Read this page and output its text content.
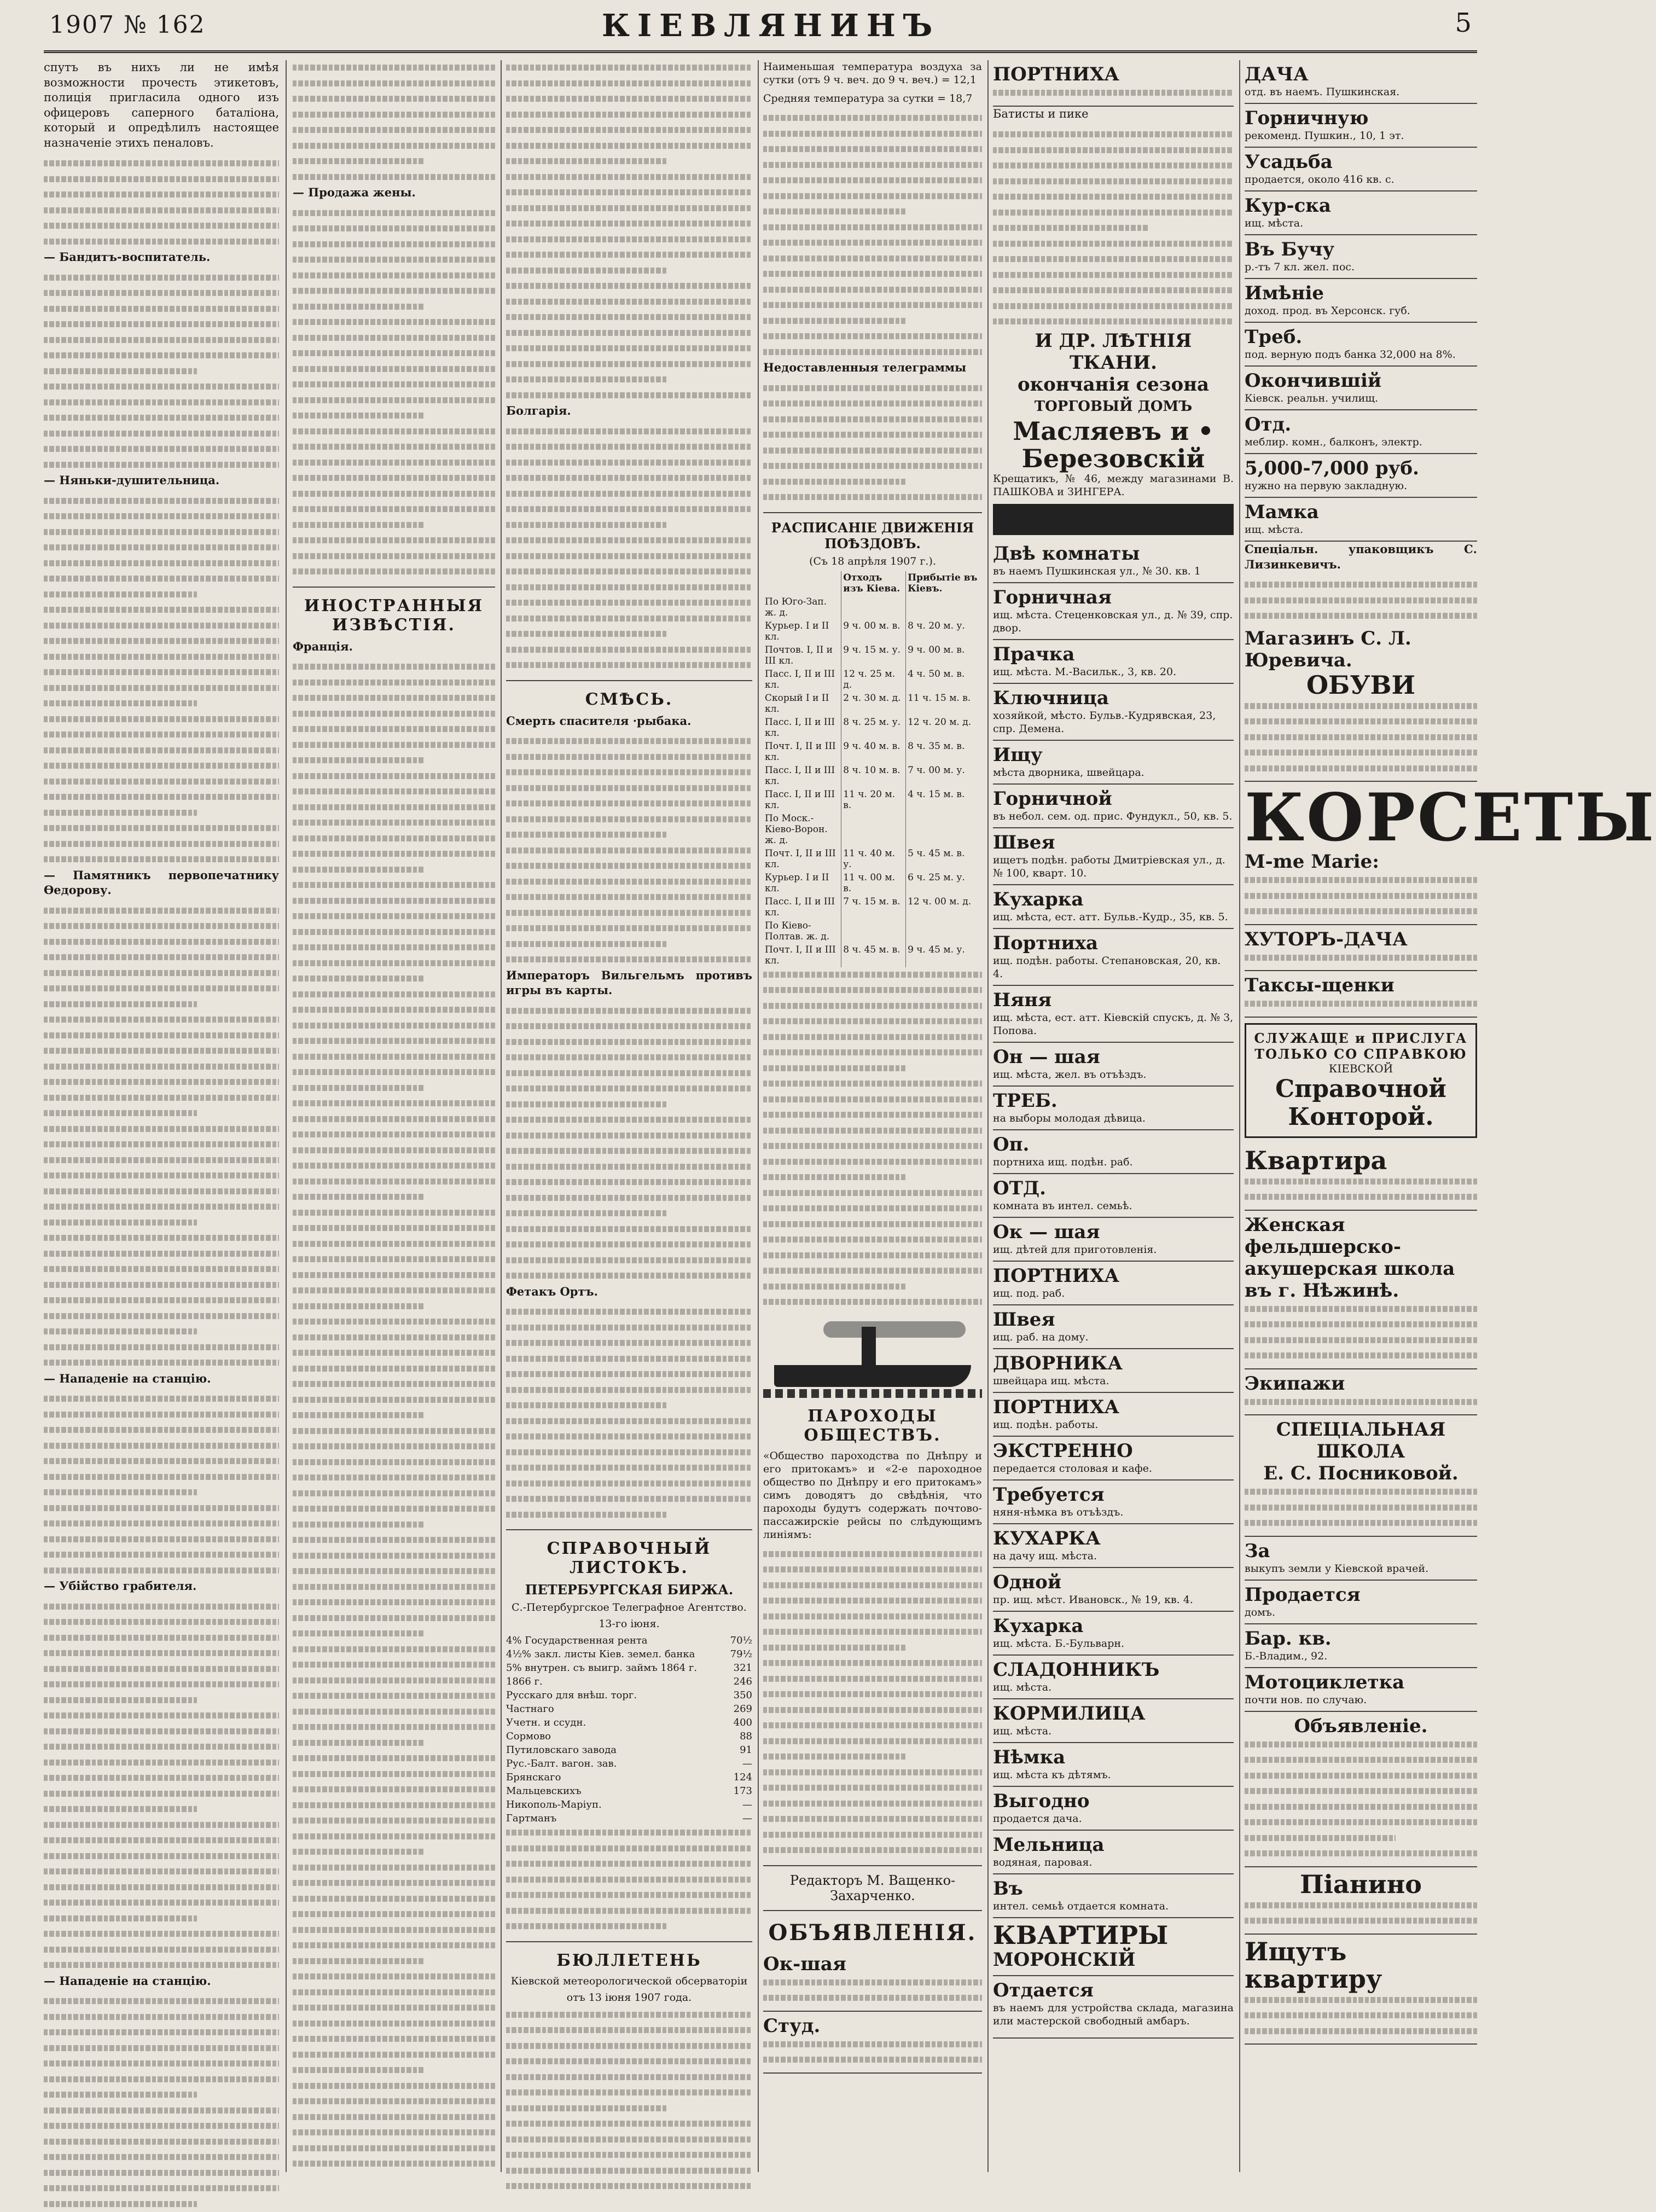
1907 № 162	КІЕВЛЯНИНЪ	5

спутъ въ нихъ ли не имѣя возможности прочесть этикетовъ, полиція пригласила одного изъ офицеровъ саперного баталіона, который и опредѣлилъ настоящее назначеніе этихъ пеналовъ.

— Бандитъ-воспитатель.

— Няньки-душительница.

— Памятникъ первопечатнику Ѳедорову.

— Нападеніе на станцію.

— Убійство грабителя.

— Нападеніе на станцію.

— Продажа жены.

ИНОСТРАННЫЯ ИЗВѢСТІЯ.

Франція.

Болгарія.

СМѢСЬ.

Смерть спасителя ·рыбака.

Императоръ Вильгельмъ противъ игры въ карты.

Фетакъ Ортъ.

СПРАВОЧНЫЙ ЛИСТОКЪ.
ПЕТЕРБУРГСКАЯ БИРЖА.
С.-Петербургское Телеграфное Агентство.
13-го іюня.
4% Государственная рента	70½
4½% закл. листы Кіев. земел. банка	79½
5% внутрен. съ выигр. займъ 1864 г.	321
1866 г.	246
Русскаго для внѣш. торг.	350
Частнаго	269
Учетн. и ссудн.	400
Сормово	88
Путиловскаго завода	91
Рус.-Балт. вагон. зав.	—
Брянскаго	124
Мальцевскихъ	173
Никополь-Маріуп.	—
Гартманъ	—
БЮЛЛЕТЕНЬ
Кіевской метеорологической обсерваторіи
отъ 13 іюня 1907 года.

Наименьшая температура воздуха за сутки (отъ 9 ч. веч. до 9 ч. веч.) = 12,1

Средняя температура за сутки = 18,7

Недоставленныя телеграммы

РАСПИСАНІЕ ДВИЖЕНІЯ ПОѢЗДОВЪ.
(Съ 18 апрѣля 1907 г.).
	Отходъ изъ Кіева.	Прибытіе въ Кіевъ.
По Юго-Зап. ж. д.		
Курьер. I и II кл.	9 ч. 00 м. в.	8 ч. 20 м. у.
Почтов. I, II и III кл.	9 ч. 15 м. у.	9 ч. 00 м. в.
Пасс. I, II и III кл.	12 ч. 25 м. д.	4 ч. 50 м. в.
Скорый I и II кл.	2 ч. 30 м. д.	11 ч. 15 м. в.
Пасс. I, II и III кл.	8 ч. 25 м. у.	12 ч. 20 м. д.
Почт. I, II и III кл.	9 ч. 40 м. в.	8 ч. 35 м. в.
Пасс. I, II и III кл.	8 ч. 10 м. в.	7 ч. 00 м. у.
Пасс. I, II и III кл.	11 ч. 20 м. в.	4 ч. 15 м. в.
По Моск.-Кіево-Ворон. ж. д.		
Почт. I, II и III кл.	11 ч. 40 м. у.	5 ч. 45 м. в.
Курьер. I и II кл.	11 ч. 00 м. в.	6 ч. 25 м. у.
Пасс. I, II и III кл.	7 ч. 15 м. в.	12 ч. 00 м. д.
По Кіево-Полтав. ж. д.		
Почт. I, II и III кл.	8 ч. 45 м. в.	9 ч. 45 м. у.
ПАРОХОДЫ ОБЩЕСТВЪ.

«Общество пароходства по Днѣпру и его притокамъ» и «2-е пароходное общество по Днѣпру и его притокамъ» симъ доводятъ до свѣдѣнія, что пароходы будутъ содержать почтово-пассажирскіе рейсы по слѣдующимъ линіямъ:

Редакторъ М. Ващенко-Захарченко.
ОБЪЯВЛЕНІЯ.
Ок-шая
Студ.
ПОРТНИХА

Батисты и пике

И ДР. ЛѢТНІЯ ТКАНИ.
окончанія сезона
ТОРГОВЫЙ ДОМЪ
Масляевъ и •
Березовскій

Крещатикъ, № 46, между магазинами В. ПАШКОВА и ЗИНГЕРА.

Двѣ комнаты
въ наемъ Пушкинская ул., № 30. кв. 1
Горничная
ищ. мѣста. Стеценковская ул., д. № 39, спр. двор.
Прачка
ищ. мѣста. М.-Васильк., 3, кв. 20.
Ключница
хозяйкой, мѣсто. Бульв.-Кудрявская, 23, спр. Демена.
Ищу
мѣста дворника, швейцара.
Горничной
въ небол. сем. од. прис. Фундукл., 50, кв. 5.
Швея
ищетъ подѣн. работы Дмитріевская ул., д. № 100, кварт. 10.
Кухарка
ищ. мѣста, ест. атт. Бульв.-Кудр., 35, кв. 5.
Портниха
ищ. подѣн. работы. Степановская, 20, кв. 4.
Няня
ищ. мѣста, ест. атт. Кіевскій спускъ, д. № 3, Попова.
Он — шая
ищ. мѣста, жел. въ отъѣздъ.
ТРЕБ.
на выборы молодая дѣвица.
Оп.
портниха ищ. подѣн. раб.
ОТД.
комната въ интел. семьѣ.
Ок — шая
ищ. дѣтей для приготовленія.
ПОРТНИХА
ищ. под. раб.
Швея
ищ. раб. на дому.
ДВОРНИКА
швейцара ищ. мѣста.
ПОРТНИХА
ищ. подѣн. работы.
ЭКСТРЕННО
передается столовая и кафе.
Требуется
няня-нѣмка въ отъѣздъ.
КУХАРКА
на дачу ищ. мѣста.
Одной
пр. ищ. мѣст. Ивановск., № 19, кв. 4.
Кухарка
ищ. мѣста. Б.-Бульварн.
СЛАДОННИКЪ
ищ. мѣста.
КОРМИЛИЦА
ищ. мѣста.
Нѣмка
ищ. мѣста къ дѣтямъ.
Выгодно
продается дача.
Мельница
водяная, паровая.
Въ
интел. семьѣ отдается комната.
КВАРТИРЫ
МОРОНСКІЙ
Отдается

въ наемъ для устройства склада, магазина или мастерской свободный амбаръ.

ДАЧА
отд. въ наемъ. Пушкинская.
Горничную
рекоменд. Пушкин., 10, 1 эт.
Усадьба
продается, около 416 кв. с.
Кур-ска
ищ. мѣста.
Въ Бучу
р.-тъ 7 кл. жел. пос.
Имѣніе
доход. прод. въ Херсонск. губ.
Треб.
под. верную подъ банка 32,000 на 8%.
Окончившій
Кіевск. реальн. училищ.
Отд.
меблир. комн., балконъ, электр.
5,000-7,000 руб.
нужно на первую закладную.
Мамка
ищ. мѣста.

Спеціальн. упаковщикъ С. Лизинкевичъ.

Магазинъ С. Л. Юревича.
ОБУВИ
КОРСЕТЫ
M-me Marie:
ХУТОРЪ-ДАЧА
Таксы-щенки
СЛУЖАЩЕ и ПРИСЛУГА
ТОЛЬКО СО СПРАВКОЮ
КІЕВСКОЙ
Справочной Конторой.
Квартира
Женская фельдшерско-акушерская школа въ г. Нѣжинѣ.
Экипажи
СПЕЦІАЛЬНАЯ ШКОЛА
Е. С. Посниковой.
За
выкупъ земли у Кіевской врачей.
Продается
домъ.
Бар. кв.
Б.-Владим., 92.
Мотоциклетка
почти нов. по случаю.
Объявленіе.
Піанино
Ищутъ квартиру
